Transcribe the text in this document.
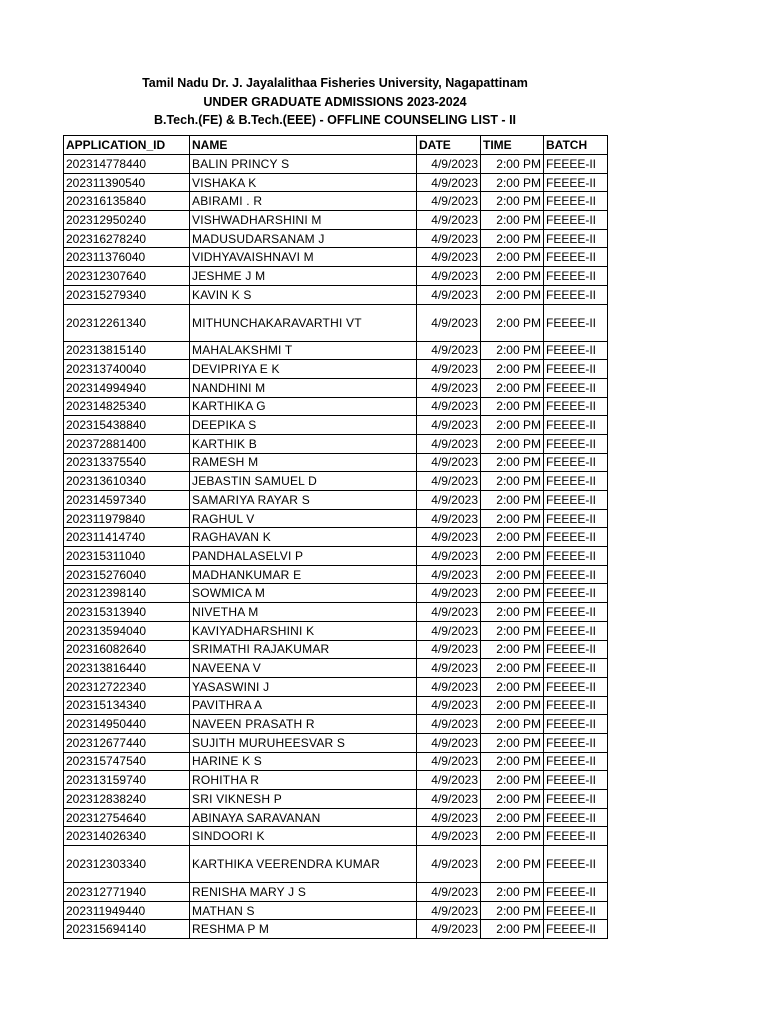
Tamil Nadu Dr. J. Jayalalithaa Fisheries University, Nagapattinam
UNDER GRADUATE ADMISSIONS 2023-2024
B.Tech.(FE) & B.Tech.(EEE) - OFFLINE COUNSELING LIST - II
APPLICATION_ID	NAME	DATE	TIME	BATCH
202314778440	BALIN PRINCY S	4/9/2023	2:00 PM	FEEEE-II
202311390540	VISHAKA K	4/9/2023	2:00 PM	FEEEE-II
202316135840	ABIRAMI . R	4/9/2023	2:00 PM	FEEEE-II
202312950240	VISHWADHARSHINI M	4/9/2023	2:00 PM	FEEEE-II
202316278240	MADUSUDARSANAM J	4/9/2023	2:00 PM	FEEEE-II
202311376040	VIDHYAVAISHNAVI M	4/9/2023	2:00 PM	FEEEE-II
202312307640	JESHME J M	4/9/2023	2:00 PM	FEEEE-II
202315279340	KAVIN K S	4/9/2023	2:00 PM	FEEEE-II
202312261340	MITHUNCHAKARAVARTHI VT	4/9/2023	2:00 PM	FEEEE-II
202313815140	MAHALAKSHMI T	4/9/2023	2:00 PM	FEEEE-II
202313740040	DEVIPRIYA E K	4/9/2023	2:00 PM	FEEEE-II
202314994940	NANDHINI M	4/9/2023	2:00 PM	FEEEE-II
202314825340	KARTHIKA G	4/9/2023	2:00 PM	FEEEE-II
202315438840	DEEPIKA S	4/9/2023	2:00 PM	FEEEE-II
202372881400	KARTHIK B	4/9/2023	2:00 PM	FEEEE-II
202313375540	RAMESH M	4/9/2023	2:00 PM	FEEEE-II
202313610340	JEBASTIN SAMUEL D	4/9/2023	2:00 PM	FEEEE-II
202314597340	SAMARIYA RAYAR S	4/9/2023	2:00 PM	FEEEE-II
202311979840	RAGHUL V	4/9/2023	2:00 PM	FEEEE-II
202311414740	RAGHAVAN K	4/9/2023	2:00 PM	FEEEE-II
202315311040	PANDHALASELVI P	4/9/2023	2:00 PM	FEEEE-II
202315276040	MADHANKUMAR E	4/9/2023	2:00 PM	FEEEE-II
202312398140	SOWMICA M	4/9/2023	2:00 PM	FEEEE-II
202315313940	NIVETHA M	4/9/2023	2:00 PM	FEEEE-II
202313594040	KAVIYADHARSHINI K	4/9/2023	2:00 PM	FEEEE-II
202316082640	SRIMATHI RAJAKUMAR	4/9/2023	2:00 PM	FEEEE-II
202313816440	NAVEENA V	4/9/2023	2:00 PM	FEEEE-II
202312722340	YASASWINI J	4/9/2023	2:00 PM	FEEEE-II
202315134340	PAVITHRA A	4/9/2023	2:00 PM	FEEEE-II
202314950440	NAVEEN PRASATH R	4/9/2023	2:00 PM	FEEEE-II
202312677440	SUJITH MURUHEESVAR S	4/9/2023	2:00 PM	FEEEE-II
202315747540	HARINE K S	4/9/2023	2:00 PM	FEEEE-II
202313159740	ROHITHA R	4/9/2023	2:00 PM	FEEEE-II
202312838240	SRI VIKNESH P	4/9/2023	2:00 PM	FEEEE-II
202312754640	ABINAYA SARAVANAN	4/9/2023	2:00 PM	FEEEE-II
202314026340	SINDOORI K	4/9/2023	2:00 PM	FEEEE-II
202312303340	KARTHIKA VEERENDRA KUMAR	4/9/2023	2:00 PM	FEEEE-II
202312771940	RENISHA MARY J S	4/9/2023	2:00 PM	FEEEE-II
202311949440	MATHAN S	4/9/2023	2:00 PM	FEEEE-II
202315694140	RESHMA P M	4/9/2023	2:00 PM	FEEEE-II
